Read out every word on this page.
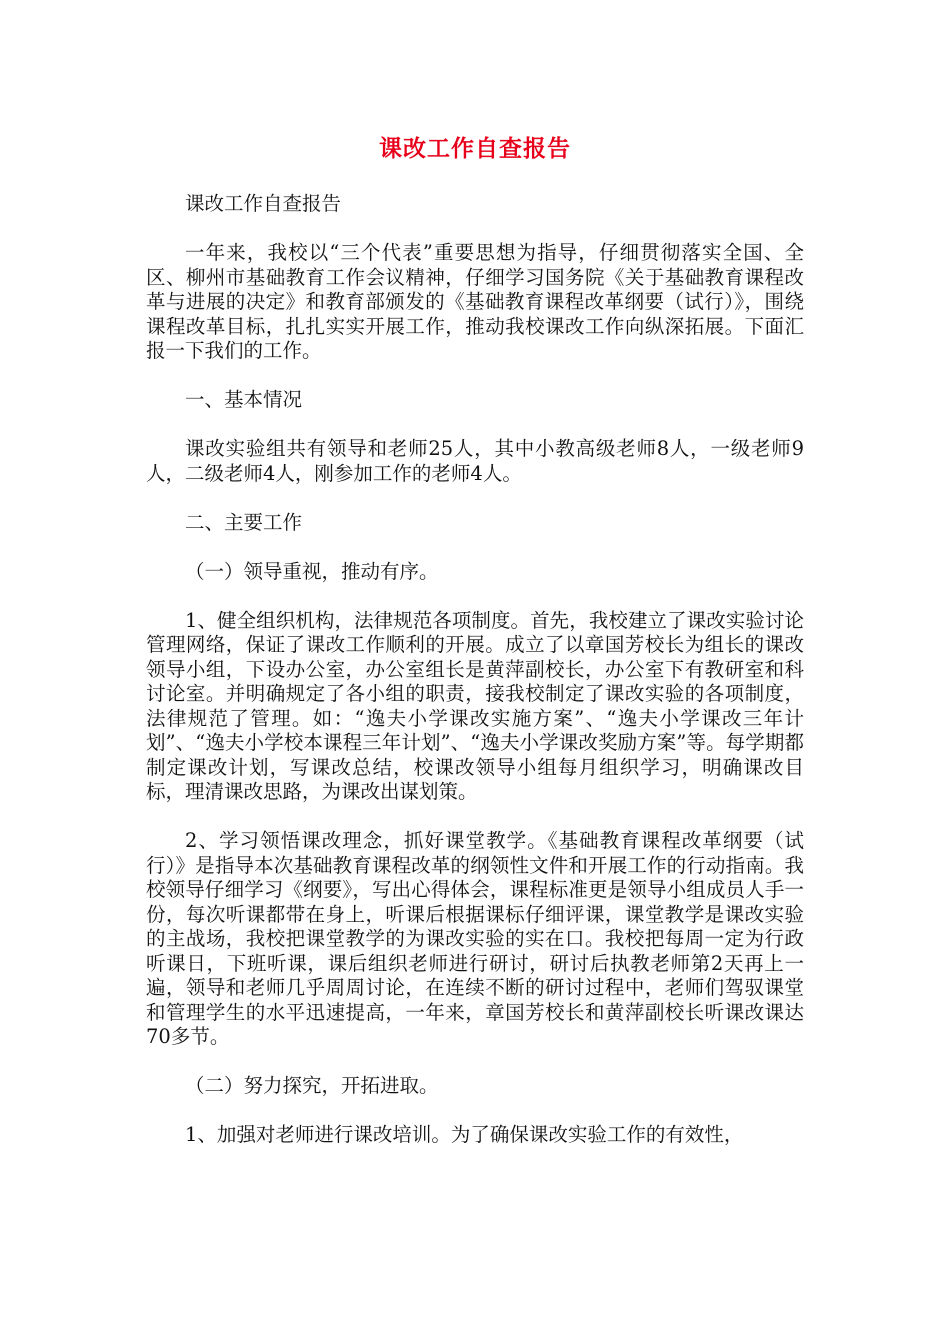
课改工作自查报告

课改工作自查报告

一年来，我校以“三个代表”重要思想为指导，仔细贯彻落实全国、全区、柳州市基础教育工作会议精神，仔细学习国务院《关于基础教育课程改革与进展的决定》和教育部颁发的《基础教育课程改革纲要（试行）》，围绕课程改革目标，扎扎实实开展工作，推动我校课改工作向纵深拓展。下面汇报一下我们的工作。

一、基本情况

课改实验组共有领导和老师25人，其中小教高级老师8人，一级老师9人，二级老师4人，刚参加工作的老师4人。

二、主要工作

（一）领导重视，推动有序。

1、健全组织机构，法律规范各项制度。首先，我校建立了课改实验讨论管理网络，保证了课改工作顺利的开展。成立了以章国芳校长为组长的课改领导小组，下设办公室，办公室组长是黄萍副校长，办公室下有教研室和科讨论室。并明确规定了各小组的职责，接我校制定了课改实验的各项制度，法律规范了管理。如：“逸夫小学课改实施方案”、“逸夫小学课改三年计划”、“逸夫小学校本课程三年计划”、“逸夫小学课改奖励方案”等。每学期都制定课改计划，写课改总结，校课改领导小组每月组织学习，明确课改目标，理清课改思路，为课改出谋划策。

2、学习领悟课改理念，抓好课堂教学。《基础教育课程改革纲要（试行）》是指导本次基础教育课程改革的纲领性文件和开展工作的行动指南。我校领导仔细学习《纲要》，写出心得体会，课程标准更是领导小组成员人手一份，每次听课都带在身上，听课后根据课标仔细评课，课堂教学是课改实验的主战场，我校把课堂教学的为课改实验的实在口。我校把每周一定为行政听课日，下班听课，课后组织老师进行研讨，研讨后执教老师第2天再上一遍，领导和老师几乎周周讨论，在连续不断的研讨过程中，老师们驾驭课堂和管理学生的水平迅速提高，一年来，章国芳校长和黄萍副校长听课改课达70多节。

（二）努力探究，开拓进取。

1、加强对老师进行课改培训。为了确保课改实验工作的有效性，
